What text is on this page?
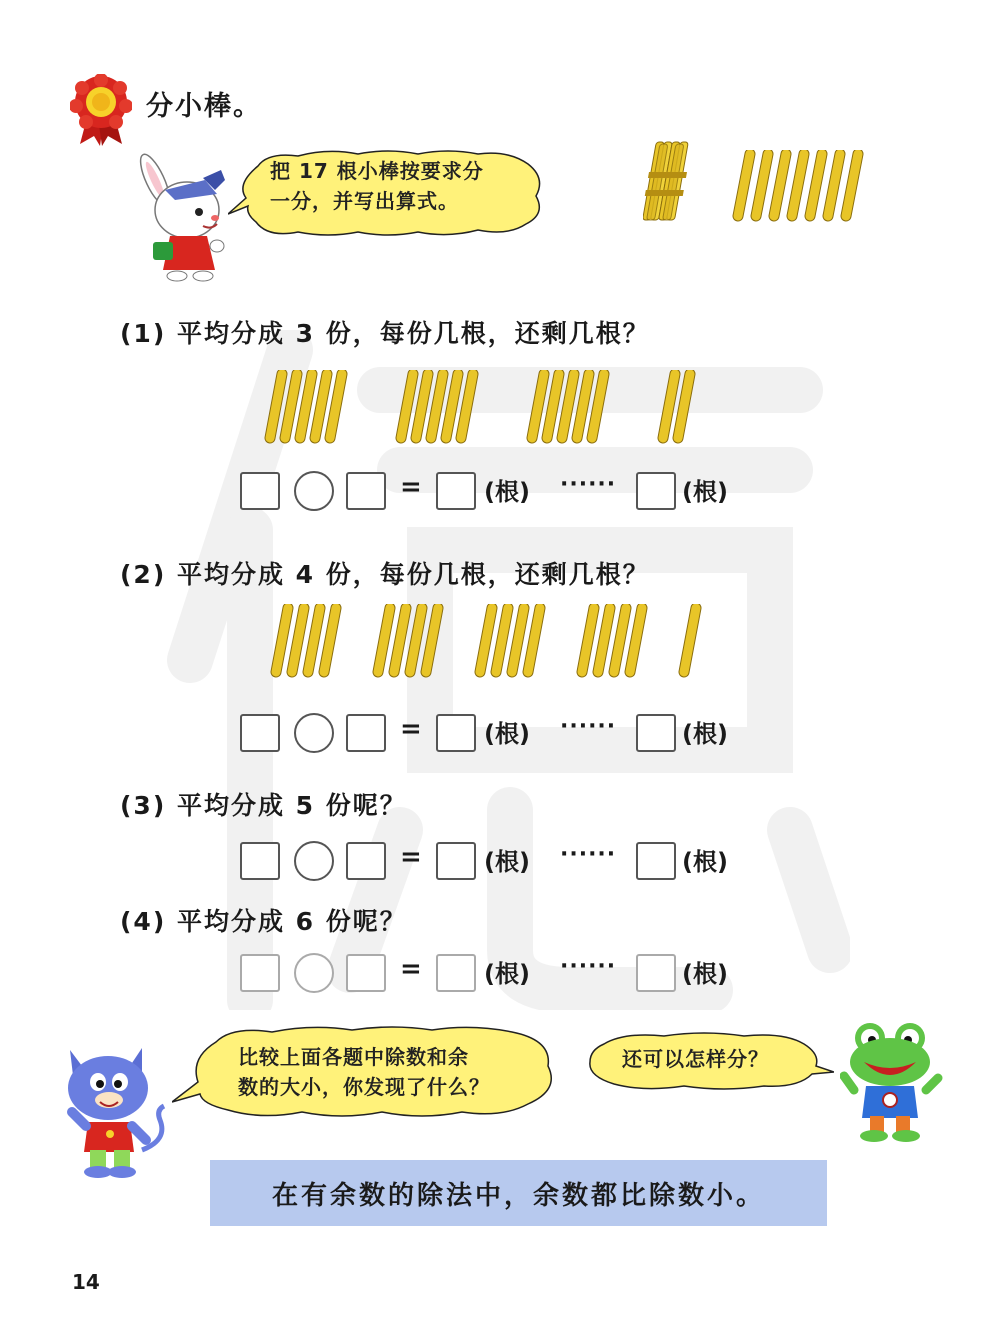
分小棒。
把 17 根小棒按要求分
一分，并写出算式。
(1) 平均分成 3 份，每份几根，还剩几根？
=	(根) ······	(根)
(2) 平均分成 4 份，每份几根，还剩几根？
=	(根) ······	(根)
(3) 平均分成 5 份呢？
=	(根) ······	(根)
(4) 平均分成 6 份呢？
=	(根) ······	(根)
比较上面各题中除数和余
数的大小，你发现了什么？
还可以怎样分？
在有余数的除法中，余数都比除数小。
14
